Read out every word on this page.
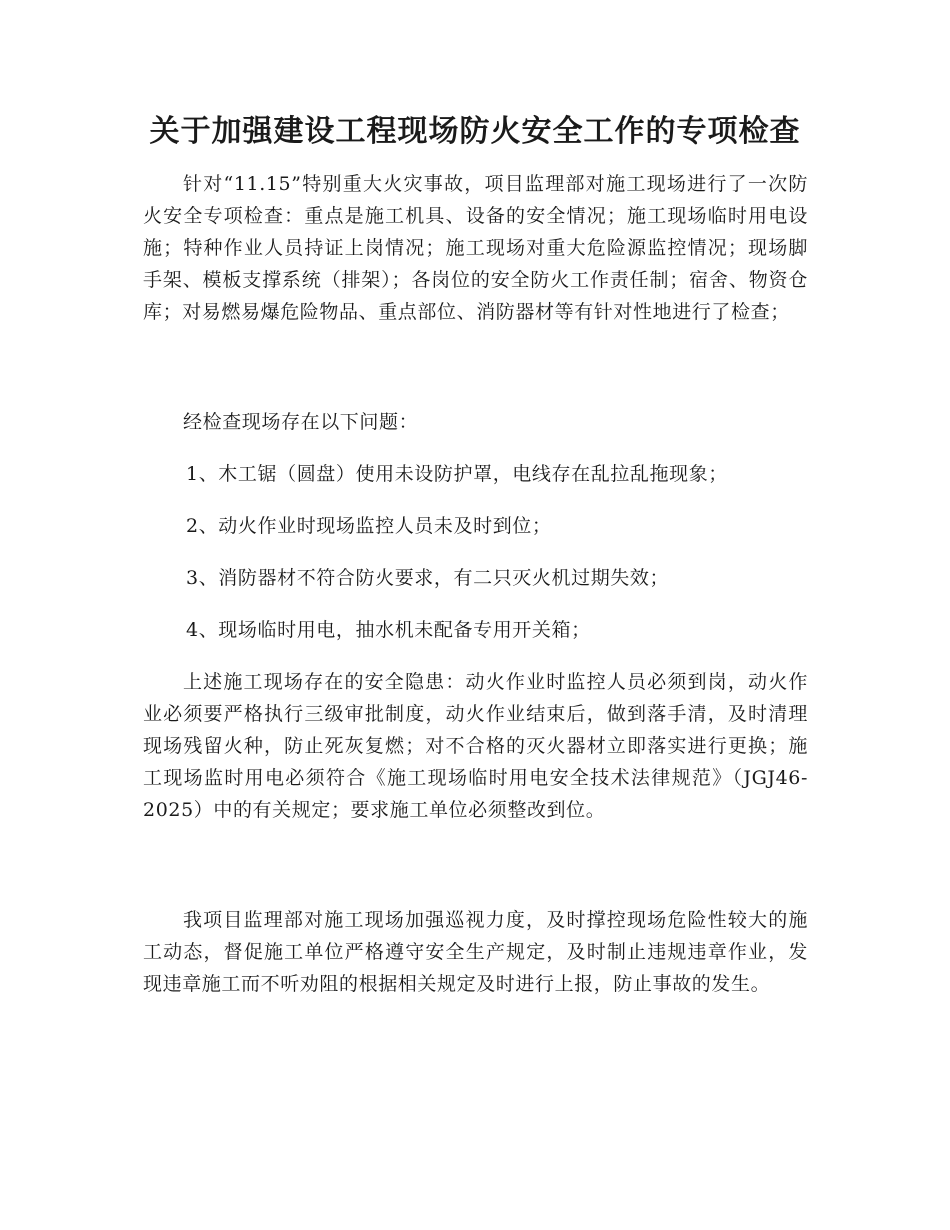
关于加强建设工程现场防火安全工作的专项检查

针对“11.15”特别重大火灾事故，项目监理部对施工现场进行了一次防火安全专项检查：重点是施工机具、设备的安全情况；施工现场临时用电设施；特种作业人员持证上岗情况；施工现场对重大危险源监控情况；现场脚手架、模板支撑系统（排架）；各岗位的安全防火工作责任制；宿舍、物资仓库；对易燃易爆危险物品、重点部位、消防器材等有针对性地进行了检查；

经检查现场存在以下问题：

1、木工锯（圆盘）使用未设防护罩，电线存在乱拉乱拖现象；
2、动火作业时现场监控人员未及时到位；
3、消防器材不符合防火要求，有二只灭火机过期失效；
4、现场临时用电，抽水机未配备专用开关箱；

上述施工现场存在的安全隐患：动火作业时监控人员必须到岗，动火作业必须要严格执行三级审批制度，动火作业结束后，做到落手清，及时清理现场残留火种，防止死灰复燃；对不合格的灭火器材立即落实进行更换；施工现场监时用电必须符合《施工现场临时用电安全技术法律规范》（JGJ46-2025）中的有关规定；要求施工单位必须整改到位。

我项目监理部对施工现场加强巡视力度，及时撑控现场危险性较大的施工动态，督促施工单位严格遵守安全生产规定，及时制止违规违章作业，发现违章施工而不听劝阻的根据相关规定及时进行上报，防止事故的发生。
